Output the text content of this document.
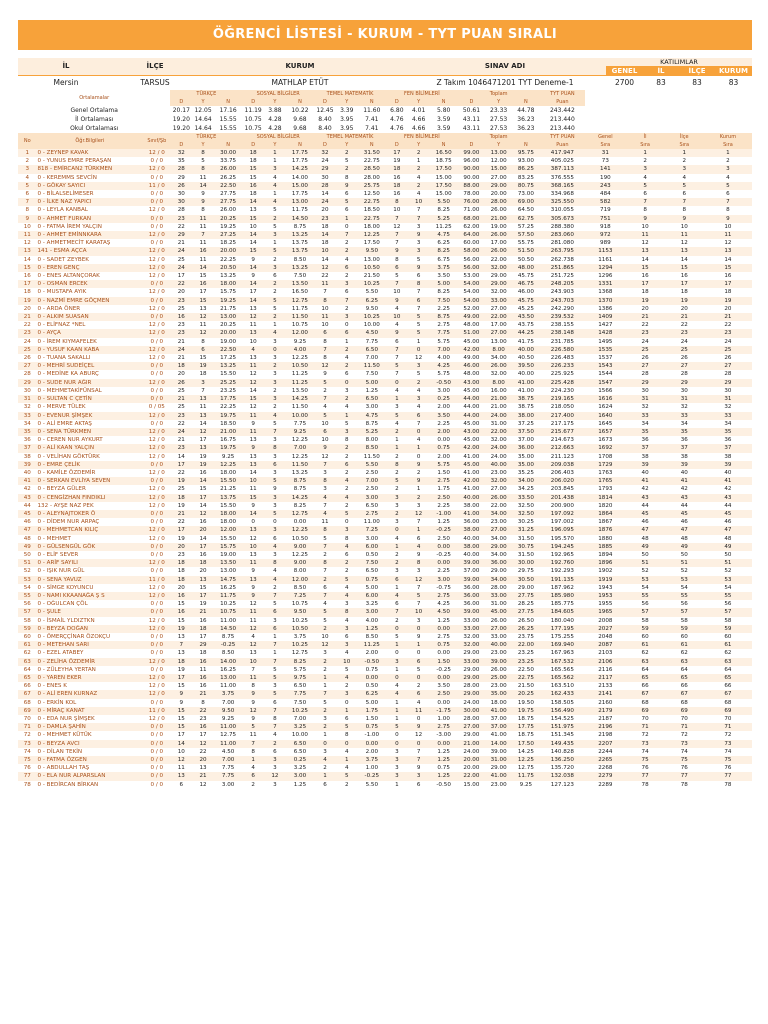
ÖĞRENCİ LİSTESİ - KURUM - TYT PUAN SIRALI
İL	İLÇE	KURUM	SINAV ADI	KATILIMLAR			
				GENEL	İL	İLÇE	KURUM
Mersin	TARSUS	MATHLAP ETÜT	Z Takım 1046471201 TYT Deneme-1	2700	83	83	83
Ortalamalar			TÜRKÇE			SOSYAL BİLGİLER			TEMEL MATEMATİK			FEN BİLİMLERİ			Toplam			TYT PUAN				
			D	Y	N	D	Y	N	D	Y	N	D	Y	N	D	Y	N	Puan				
Genel Ortalama			20.17	12.05	17.16	11.19	3.88	10.22	12.45	3.39	11.60	6.80	4.01	5.80	50.61	23.33	44.78	243.442				
İl Ortalaması			19.20	14.64	15.55	10.75	4.28	9.68	8.40	3.95	7.41	4.76	4.66	3.59	43.11	27.53	36.23	213.440				
Okul Ortalaması			19.20	14.64	15.55	10.75	4.28	9.68	8.40	3.95	7.41	4.76	4.66	3.59	43.11	27.53	36.23	213.440				
No	Öğr.Bilgileri	Sınıf/Şb	TÜRKÇE			SOSYAL BİLGİLER			TEMEL MATEMATİK			FEN BİLİMLERİ			Toplam			TYT PUAN	Genel	İl	İlçe	Kurum
			D	Y	N	D	Y	N	D	Y	N	D	Y	N	D	Y	N	Puan	Sıra	Sıra	Sıra	Sıra
1	0 - ZEYNEP KAVAK	12 / 0	32	8	30.00	18	1	17.75	32	2	31.50	17	2	16.50	99.00	13.00	95.75	417.947	31	1	1	1
2	0 - YUNUS EMRE PERAŞAN	0 / 0	35	5	33.75	18	1	17.75	24	5	22.75	19	1	18.75	96.00	12.00	93.00	405.025	73	2	2	2
3	818 - EMİRCAN2 TÜRKMEN	12 / 0	28	8	26.00	15	3	14.25	29	2	28.50	18	2	17.50	90.00	15.00	86.25	387.113	141	3	3	3
4	0 - KEREMMS SEVCİN	0 / 0	29	11	26.25	15	4	14.00	30	8	28.00	16	4	15.00	90.00	27.00	83.25	376.555	190	4	4	4
5	0 - GÖKAY SAYICI	11 / 0	26	14	22.50	16	4	15.00	28	9	25.75	18	2	17.50	88.00	29.00	80.75	368.165	243	5	5	5
6	0 - BİLALSELİMESER	0 / 0	30	9	27.75	18	1	17.75	14	6	12.50	16	4	15.00	78.00	20.00	73.00	334.968	484	6	6	6
7	0 - İLKE NAZ YAPICI	0 / 0	30	9	27.75	14	4	13.00	24	5	22.75	8	10	5.50	76.00	28.00	69.00	325.550	582	7	7	7
8	0 - LEYLA KANBAL	12 / 0	28	8	26.00	13	5	11.75	20	6	18.50	10	7	8.25	71.00	26.00	64.50	310.055	719	8	8	8
9	0 - AHMET FURKAN	0 / 0	23	11	20.25	15	2	14.50	23	1	22.75	7	7	5.25	68.00	21.00	62.75	305.673	751	9	9	9
10	0 - FATMA İREM YALÇIN	0 / 0	22	11	19.25	10	5	8.75	18	0	18.00	12	3	11.25	62.00	19.00	57.25	288.380	918	10	10	10
11	0 - AHMET EMİNNKARA	12 / 0	29	7	27.25	14	3	13.25	14	7	12.25	7	9	4.75	64.00	26.00	57.50	283.060	972	11	11	11
12	0 - AHMETMECİT KARATAŞ	0 / 0	21	11	18.25	14	1	13.75	18	2	17.50	7	3	6.25	60.00	17.00	55.75	281.080	989	12	12	12
13	141 - ESMA AÇCA	12 / 0	24	16	20.00	15	5	13.75	10	2	9.50	9	3	8.25	58.00	26.00	51.50	263.795	1153	13	13	13
14	0 - SADET ZEYBEK	12 / 0	25	11	22.25	9	2	8.50	14	4	13.00	8	5	6.75	56.00	22.00	50.50	262.738	1161	14	14	14
15	0 - EREN GENÇ	12 / 0	24	14	20.50	14	3	13.25	12	6	10.50	6	9	3.75	56.00	32.00	48.00	251.865	1294	15	15	15
16	0 - ENES ALTANÇORAK	12 / 0	17	15	13.25	9	6	7.50	22	2	21.50	5	6	3.50	53.00	29.00	45.75	251.725	1296	16	16	16
17	0 - OSMAN ERCEK	0 / 0	22	16	18.00	14	2	13.50	11	3	10.25	7	8	5.00	54.00	29.00	46.75	248.205	1331	17	17	17
18	0 - MUSTAFA AYIK	12 / 0	20	17	15.75	17	2	16.50	7	6	5.50	10	7	8.25	54.00	32.00	46.00	243.903	1368	18	18	18
19	0 - NAZMİ EMRE GÖÇMEN	0 / 0	23	15	19.25	14	5	12.75	8	7	6.25	9	6	7.50	54.00	33.00	45.75	243.703	1370	19	19	19
20	0 - ARDA ÖNER	12 / 0	25	13	21.75	13	5	11.75	10	2	9.50	4	7	2.25	52.00	27.00	45.25	242.290	1386	20	20	20
21	0 - ALKIM SUASAN	0 / 0	16	12	13.00	12	2	11.50	11	3	10.25	10	5	8.75	49.00	22.00	43.50	239.532	1409	21	21	21
22	0 - ELİFNAZ *NEL	12 / 0	23	11	20.25	11	1	10.75	10	0	10.00	4	5	2.75	48.00	17.00	43.75	238.155	1427	22	22	22
23	0 - AYÇA	12 / 0	23	12	20.00	13	4	12.00	6	6	4.50	9	5	7.75	51.00	27.00	44.25	238.148	1428	23	23	23
24	0 - İREM KIYMAFELEK	0 / 0	21	8	19.00	10	3	9.25	8	1	7.75	6	1	5.75	45.00	13.00	41.75	231.785	1495	24	24	24
25	0 - YUSUF KAAN KABA	12 / 0	24	6	22.50	4	0	4.00	7	2	6.50	7	0	7.00	42.00	8.00	40.00	226.580	1535	25	25	25
26	0 - TUANA SAKALLI	12 / 0	21	15	17.25	13	3	12.25	8	4	7.00	7	12	4.00	49.00	34.00	40.50	226.483	1537	26	26	26
27	0 - MEHRİ SUDEİÇEL	0 / 0	18	19	13.25	11	2	10.50	12	2	11.50	5	3	4.25	46.00	26.00	39.50	226.233	1543	27	27	27
28	0 - MEDİNE KA ABURÇ	0 / 0	20	18	15.50	12	3	11.25	9	6	7.50	7	5	5.75	48.00	32.00	40.00	225.925	1544	28	28	28
29	0 - SUDE NUR AĞIR	12 / 0	26	3	25.25	12	3	11.25	5	0	5.00	0	2	-0.50	43.00	8.00	41.00	225.428	1547	29	29	29
30	0 - MEHMETAKİFÜNSAL	0 / 0	25	7	23.25	14	2	13.50	2	3	1.25	4	4	3.00	45.00	16.00	41.00	224.230	1566	30	30	30
31	0 - SULTAN C ÇETİN	0 / 0	21	13	17.75	15	3	14.25	7	2	6.50	1	3	0.25	44.00	21.00	38.75	219.165	1616	31	31	31
32	0 - MERVE TÜLEK	0 / 05	25	11	22.25	12	2	11.50	4	4	3.00	3	4	2.00	44.00	21.00	38.75	218.050	1624	32	32	32
33	0 - EVENUR ŞİMŞEK	12 / 0	23	13	19.75	11	4	10.00	5	1	4.75	5	6	3.50	44.00	24.00	38.00	217.400	1640	33	33	33
34	0 - ALİ EMRE AKTAŞ	0 / 0	22	14	18.50	9	5	7.75	10	5	8.75	4	7	2.25	45.00	31.00	37.25	217.175	1645	34	34	34
35	0 - SENA TÜRKMEN	12 / 0	24	12	21.00	11	7	9.25	6	3	5.25	2	0	2.00	43.00	22.00	37.50	215.677	1657	35	35	35
36	0 - CEREN NUR AYKURT	12 / 0	21	17	16.75	13	3	12.25	10	8	8.00	1	4	0.00	45.00	32.00	37.00	214.673	1673	36	36	36
37	0 - ALİ KAAN YALÇIN	12 / 0	23	13	19.75	9	8	7.00	9	2	8.50	1	1	0.75	42.00	24.00	36.00	212.663	1692	37	37	37
38	0 - VELİHAN GÖKTÜRK	12 / 0	14	19	9.25	13	3	12.25	12	2	11.50	2	0	2.00	41.00	24.00	35.00	211.123	1708	38	38	38
39	0 - EMRE ÇELİK	0 / 0	17	19	12.25	13	6	11.50	7	6	5.50	8	9	5.75	45.00	40.00	35.00	209.038	1729	39	39	39
40	0 - KAMİLE ÖZDEMİR	12 / 0	22	16	18.00	14	3	13.25	3	2	2.50	2	2	1.50	41.00	23.00	35.25	206.403	1763	40	40	40
41	0 - SERKAN EVLİYA SEVEN	0 / 0	19	14	15.50	10	5	8.75	8	4	7.00	5	9	2.75	42.00	32.00	34.00	206.020	1765	41	41	41
42	0 - BEYZA GÜLER	12 / 0	25	15	21.25	11	9	8.75	3	2	2.50	2	1	1.75	41.00	27.00	34.25	203.845	1793	42	42	42
43	0 - CENGİZHAN FINDIKLI	12 / 0	18	17	13.75	15	3	14.25	4	4	3.00	3	2	2.50	40.00	26.00	33.50	201.438	1814	43	43	43
44	132 - AYŞE NAZ PEK	12 / 0	19	14	15.50	9	3	8.25	7	2	6.50	3	3	2.25	38.00	22.00	32.50	200.900	1820	44	44	44
45	0 - ALEYNAJTOKER Ö	0 / 0	21	12	18.00	14	5	12.75	4	5	2.75	2	12	-1.00	41.00	34.00	32.50	197.092	1864	45	45	45
46	0 - DİDEM NUR ARPAÇ	0 / 0	22	16	18.00	0	0	0.00	11	0	11.00	3	7	1.25	36.00	23.00	30.25	197.002	1867	46	46	46
47	0 - MEHMETCAN KILIÇ	12 / 0	17	20	12.00	13	3	12.25	8	3	7.25	0	1	-0.25	38.00	27.00	31.25	196.095	1876	47	47	47
48	0 - MEHMET	12 / 0	19	14	15.50	12	6	10.50	5	8	3.00	4	6	2.50	40.00	34.00	31.50	195.570	1880	48	48	48
49	0 - GÜLSENGÜL GÖK	0 / 0	20	17	15.75	10	4	9.00	7	4	6.00	1	4	0.00	38.00	29.00	30.75	194.245	1885	49	49	49
50	0 - ELİF SEVER	0 / 0	23	16	19.00	13	3	12.25	2	6	0.50	2	9	-0.25	40.00	34.00	31.50	192.965	1894	50	50	50
51	0 - ARİF SAYILI	12 / 0	18	18	13.50	11	8	9.00	8	2	7.50	2	8	0.00	39.00	36.00	30.00	192.760	1896	51	51	51
52	0 - IŞIK NUR GÜL	0 / 0	18	20	13.00	9	4	8.00	7	2	6.50	3	3	2.25	37.00	29.00	29.75	192.293	1902	52	52	52
53	0 - SENA YAVUZ	11 / 0	18	13	14.75	13	4	12.00	2	5	0.75	6	12	3.00	39.00	34.00	30.50	191.135	1919	53	53	53
54	0 - SİMGE KOYUNCU	12 / 0	20	15	16.25	9	2	8.50	6	4	5.00	1	7	-0.75	36.00	28.00	29.00	187.962	1943	54	54	54
55	0 - NAMI KKAANAĞA Ş S	12 / 0	16	17	11.75	9	7	7.25	7	4	6.00	4	5	2.75	36.00	33.00	27.75	185.980	1953	55	55	55
56	0 - OĞULCAN ÇÖL	0 / 0	15	19	10.25	12	5	10.75	4	3	3.25	6	7	4.25	36.00	31.00	28.25	185.775	1955	56	56	56
57	0 - ŞULE	0 / 0	16	21	10.75	11	6	9.50	5	8	3.00	7	10	4.50	39.00	45.00	27.75	184.605	1965	57	57	57
58	0 - İSMAİL YLDIZTKN	12 / 0	15	16	11.00	11	3	10.25	5	4	4.00	2	3	1.25	33.00	26.00	26.50	180.040	2008	58	58	58
59	0 - BEYZA DOĞAN	12 / 0	19	18	14.50	12	6	10.50	2	3	1.25	0	0	0.00	33.00	27.00	26.25	177.195	2027	59	59	59
60	0 - ÖMERÇÇİNAR ÖZOKÇU	0 / 0	13	17	8.75	4	1	3.75	10	6	8.50	5	9	2.75	32.00	33.00	23.75	175.255	2048	60	60	60
61	0 - METEHAN SARI	0 / 0	7	29	-0.25	12	7	10.25	12	3	11.25	1	1	0.75	32.00	40.00	22.00	169.940	2087	61	61	61
62	0 - EZEL ATABEY	0 / 0	13	18	8.50	13	1	12.75	3	4	2.00	0	0	0.00	29.00	23.00	23.25	167.963	2103	62	62	62
63	0 - ZELİHA ÖZDEMİR	12 / 0	18	16	14.00	10	7	8.25	2	10	-0.50	3	6	1.50	33.00	39.00	23.25	167.532	2106	63	63	63
64	0 - ZÜLEYHA YERTAN	0 / 0	19	11	16.25	7	5	5.75	2	5	0.75	1	5	-0.25	29.00	26.00	22.50	165.565	2116	64	64	64
65	0 - YAREN EKER	12 / 0	17	16	13.00	11	5	9.75	1	4	0.00	0	0	0.00	29.00	25.00	22.75	165.562	2117	65	65	65
66	0 - ENES K	12 / 0	15	16	11.00	8	3	6.50	1	2	0.50	4	2	3.50	28.00	23.00	21.50	163.510	2133	66	66	66
67	0 - ALİ EREN KURNAZ	12 / 0	9	21	3.75	9	5	7.75	7	3	6.25	4	6	2.50	29.00	35.00	20.25	162.433	2141	67	67	67
68	0 - ERKİN KOL	0 / 0	9	8	7.00	9	6	7.50	5	0	5.00	1	4	0.00	24.00	18.00	19.50	158.505	2160	68	68	68
69	0 - MİRAÇ KANAT	11 / 0	15	22	9.50	12	7	10.25	2	1	1.75	1	11	-1.75	30.00	41.00	19.75	156.490	2179	69	69	69
70	0 - EDA NUR ŞİMŞEK	12 / 0	15	23	9.25	9	8	7.00	3	6	1.50	1	0	1.00	28.00	37.00	18.75	154.525	2187	70	70	70
71	0 - DAMLA ŞAHİN	0 / 0	15	16	11.00	5	7	3.25	2	5	0.75	5	9	2.75	27.00	37.00	17.75	151.975	2196	71	71	71
72	0 - MEHMET KÜTÜK	0 / 0	17	17	12.75	11	4	10.00	1	8	-1.00	0	12	-3.00	29.00	41.00	18.75	151.345	2198	72	72	72
73	0 - BEYZA AVCI	0 / 0	14	12	11.00	7	2	6.50	0	0	0.00	0	0	0.00	21.00	14.00	17.50	149.435	2207	73	73	73
74	0 - DİLAN TEKİN	0 / 0	10	22	4.50	8	6	6.50	3	4	2.00	3	7	1.25	24.00	39.00	14.25	140.828	2244	74	74	74
75	0 - FATMA ÖZGEN	0 / 0	12	20	7.00	1	3	0.25	4	1	3.75	3	7	1.25	20.00	31.00	12.25	136.250	2265	75	75	75
76	0 - ABDULLAH TAŞ	0 / 0	11	13	7.75	4	3	3.25	2	4	1.00	3	9	0.75	20.00	29.00	12.75	135.720	2268	76	76	76
77	0 - ELA NUR ALPARSLAN	0 / 0	13	21	7.75	6	12	3.00	1	5	-0.25	3	3	1.25	22.00	41.00	11.75	132.038	2279	77	77	77
78	0 - BEDİRCAN BİRKAN	0 / 0	6	12	3.00	2	3	1.25	6	2	5.50	1	6	-0.50	15.00	23.00	9.25	127.123	2289	78	78	78
